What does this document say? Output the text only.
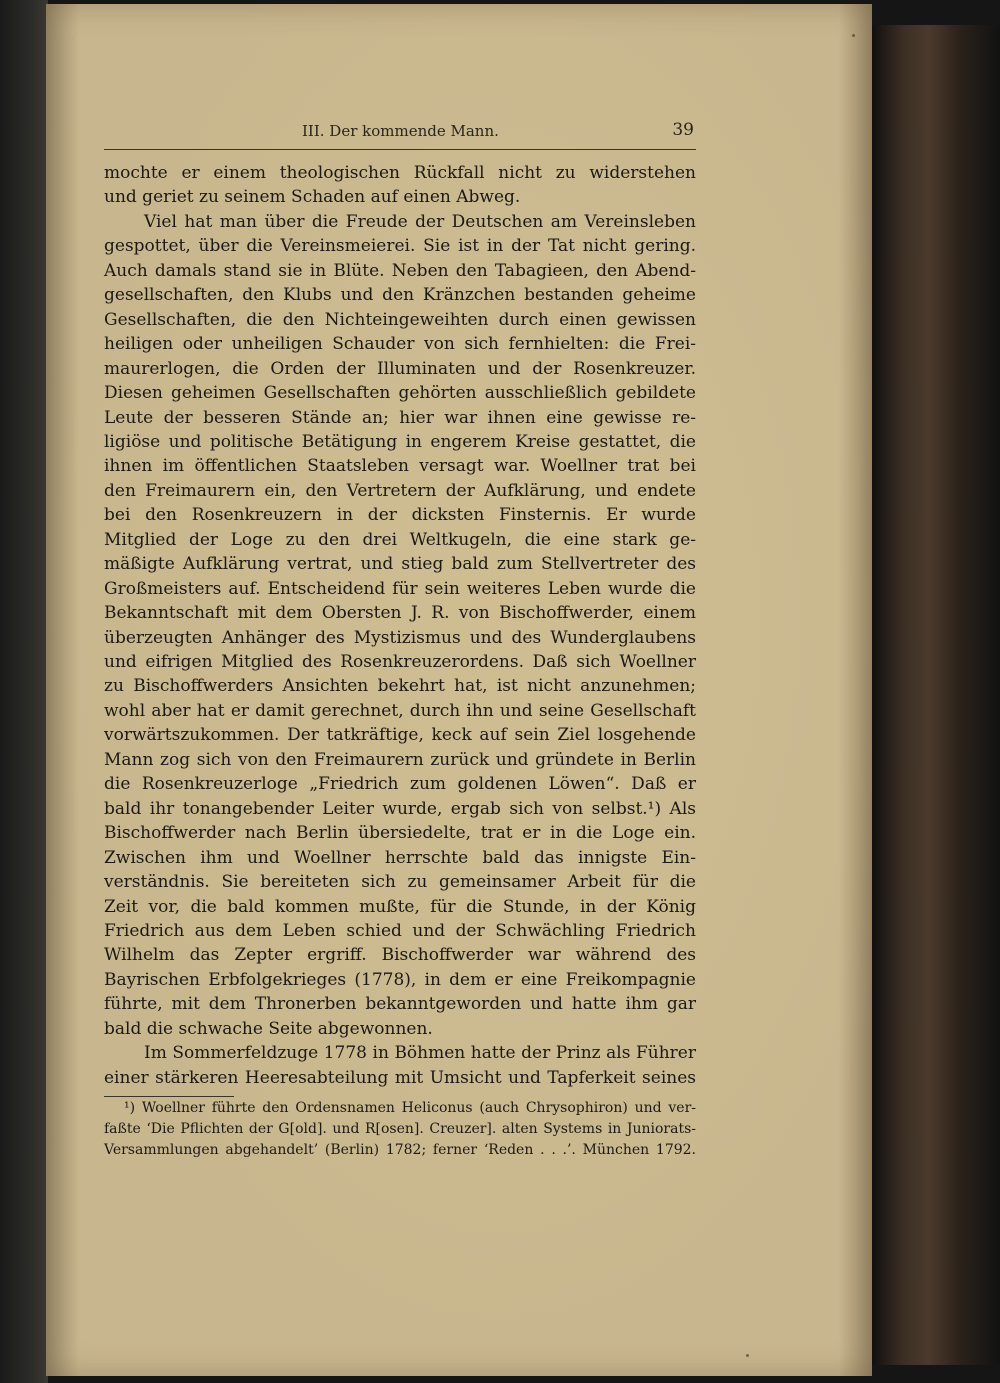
III. Der kommende Mann.	39
mochte er einem theologischen Rückfall nicht zu widerstehen
und geriet zu seinem Schaden auf einen Abweg.
Viel hat man über die Freude der Deutschen am Vereinsleben
gespottet, über die Vereinsmeierei. Sie ist in der Tat nicht gering.
Auch damals stand sie in Blüte. Neben den Tabagieen, den Abend-
gesellschaften, den Klubs und den Kränzchen bestanden geheime
Gesellschaften, die den Nichteingeweihten durch einen gewissen
heiligen oder unheiligen Schauder von sich fernhielten: die Frei-
maurerlogen, die Orden der Illuminaten und der Rosenkreuzer.
Diesen geheimen Gesellschaften gehörten ausschließlich gebildete
Leute der besseren Stände an; hier war ihnen eine gewisse re-
ligiöse und politische Betätigung in engerem Kreise gestattet, die
ihnen im öffentlichen Staatsleben versagt war. Woellner trat bei
den Freimaurern ein, den Vertretern der Aufklärung, und endete
bei den Rosenkreuzern in der dicksten Finsternis. Er wurde
Mitglied der Loge zu den drei Weltkugeln, die eine stark ge-
mäßigte Aufklärung vertrat, und stieg bald zum Stellvertreter des
Großmeisters auf. Entscheidend für sein weiteres Leben wurde die
Bekanntschaft mit dem Obersten J. R. von Bischoffwerder, einem
überzeugten Anhänger des Mystizismus und des Wunderglaubens
und eifrigen Mitglied des Rosenkreuzerordens. Daß sich Woellner
zu Bischoffwerders Ansichten bekehrt hat, ist nicht anzunehmen;
wohl aber hat er damit gerechnet, durch ihn und seine Gesellschaft
vorwärtszukommen. Der tatkräftige, keck auf sein Ziel losgehende
Mann zog sich von den Freimaurern zurück und gründete in Berlin
die Rosenkreuzerloge „Friedrich zum goldenen Löwen“. Daß er
bald ihr tonangebender Leiter wurde, ergab sich von selbst.¹) Als
Bischoffwerder nach Berlin übersiedelte, trat er in die Loge ein.
Zwischen ihm und Woellner herrschte bald das innigste Ein-
verständnis. Sie bereiteten sich zu gemeinsamer Arbeit für die
Zeit vor, die bald kommen mußte, für die Stunde, in der König
Friedrich aus dem Leben schied und der Schwächling Friedrich
Wilhelm das Zepter ergriff. Bischoffwerder war während des
Bayrischen Erbfolgekrieges (1778), in dem er eine Freikompagnie
führte, mit dem Thronerben bekanntgeworden und hatte ihm gar
bald die schwache Seite abgewonnen.
Im Sommerfeldzuge 1778 in Böhmen hatte der Prinz als Führer
einer stärkeren Heeresabteilung mit Umsicht und Tapferkeit seines
¹) Woellner führte den Ordensnamen Heliconus (auch Chrysophiron) und ver-
faßte ‘Die Pflichten der G[old]. und R[osen]. Creuzer]. alten Systems in Juniorats-
Versammlungen abgehandelt’ (Berlin) 1782; ferner ‘Reden . . .’. München 1792.
